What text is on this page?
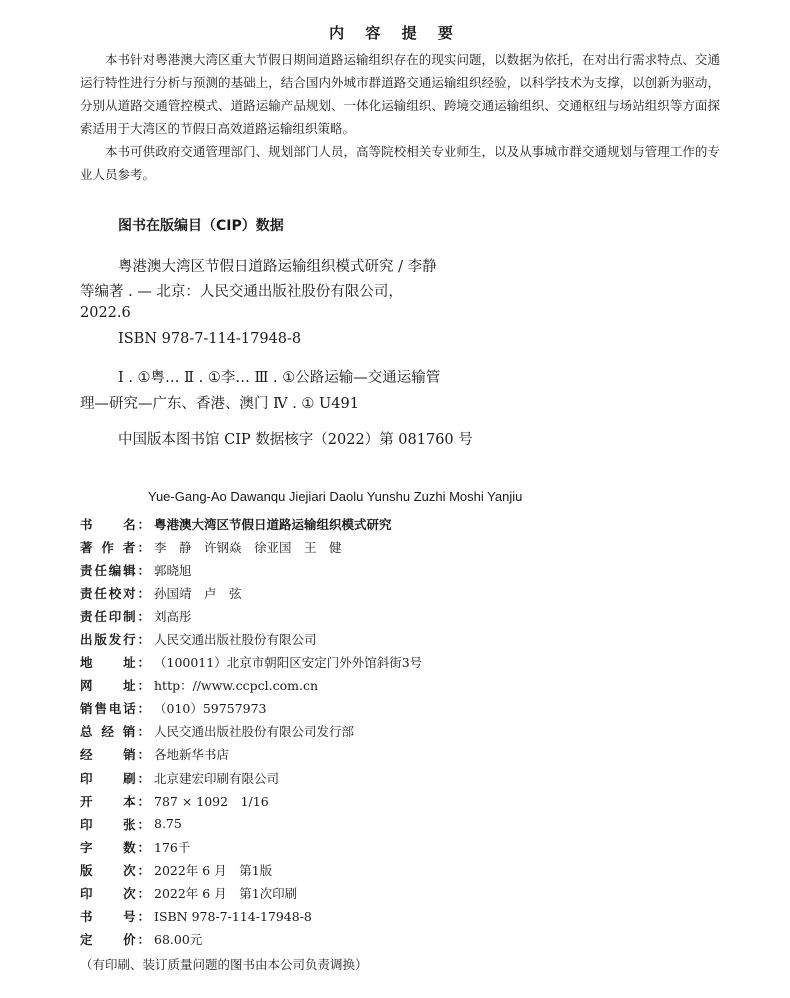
内 容 提 要

本书针对粤港澳大湾区重大节假日期间道路运输组织存在的现实问题，以数据为依托，在对出行需求特点、交通运行特性进行分析与预测的基础上，结合国内外城市群道路交通运输组织经验，以科学技术为支撑，以创新为驱动，分别从道路交通管控模式、道路运输产品规划、一体化运输组织、跨境交通运输组织、交通枢纽与场站组织等方面探索适用于大湾区的节假日高效道路运输组织策略。

本书可供政府交通管理部门、规划部门人员，高等院校相关专业师生，以及从事城市群交通规划与管理工作的专业人员参考。

图书在版编目（CIP）数据
粤港澳大湾区节假日道路运输组织模式研究 / 李静
等编著 . — 北京：人民交通出版社股份有限公司，
2022.6
ISBN 978-7-114-17948-8
Ⅰ . ①粤… Ⅱ . ①李… Ⅲ . ①公路运输—交通运输管
理—研究—广东、香港、澳门 Ⅳ . ① U491
中国版本图书馆 CIP 数据核字（2022）第 081760 号
Yue-Gang-Ao Dawanqu Jiejiari Daolu Yunshu Zuzhi Moshi Yanjiu
书　　名： 粤港澳大湾区节假日道路运输组织模式研究
著 作 者： 李　静　许钢焱　徐亚国　王　健
责任编辑： 郭晓旭
责任校对： 孙国靖　卢　弦
责任印制： 刘高彤
出版发行： 人民交通出版社股份有限公司
地　　址： （100011）北京市朝阳区安定门外外馆斜街3号
网　　址： http：//www.ccpcl.com.cn
销售电话： （010）59757973
总 经 销： 人民交通出版社股份有限公司发行部
经　　销： 各地新华书店
印　　刷： 北京建宏印刷有限公司
开　　本： 787 × 1092　1/16
印　　张： 8.75
字　　数： 176千
版　　次： 2022年 6 月　第1版
印　　次： 2022年 6 月　第1次印刷
书　　号： ISBN 978-7-114-17948-8
定　　价： 68.00元
（有印刷、装订质量问题的图书由本公司负责调换）
